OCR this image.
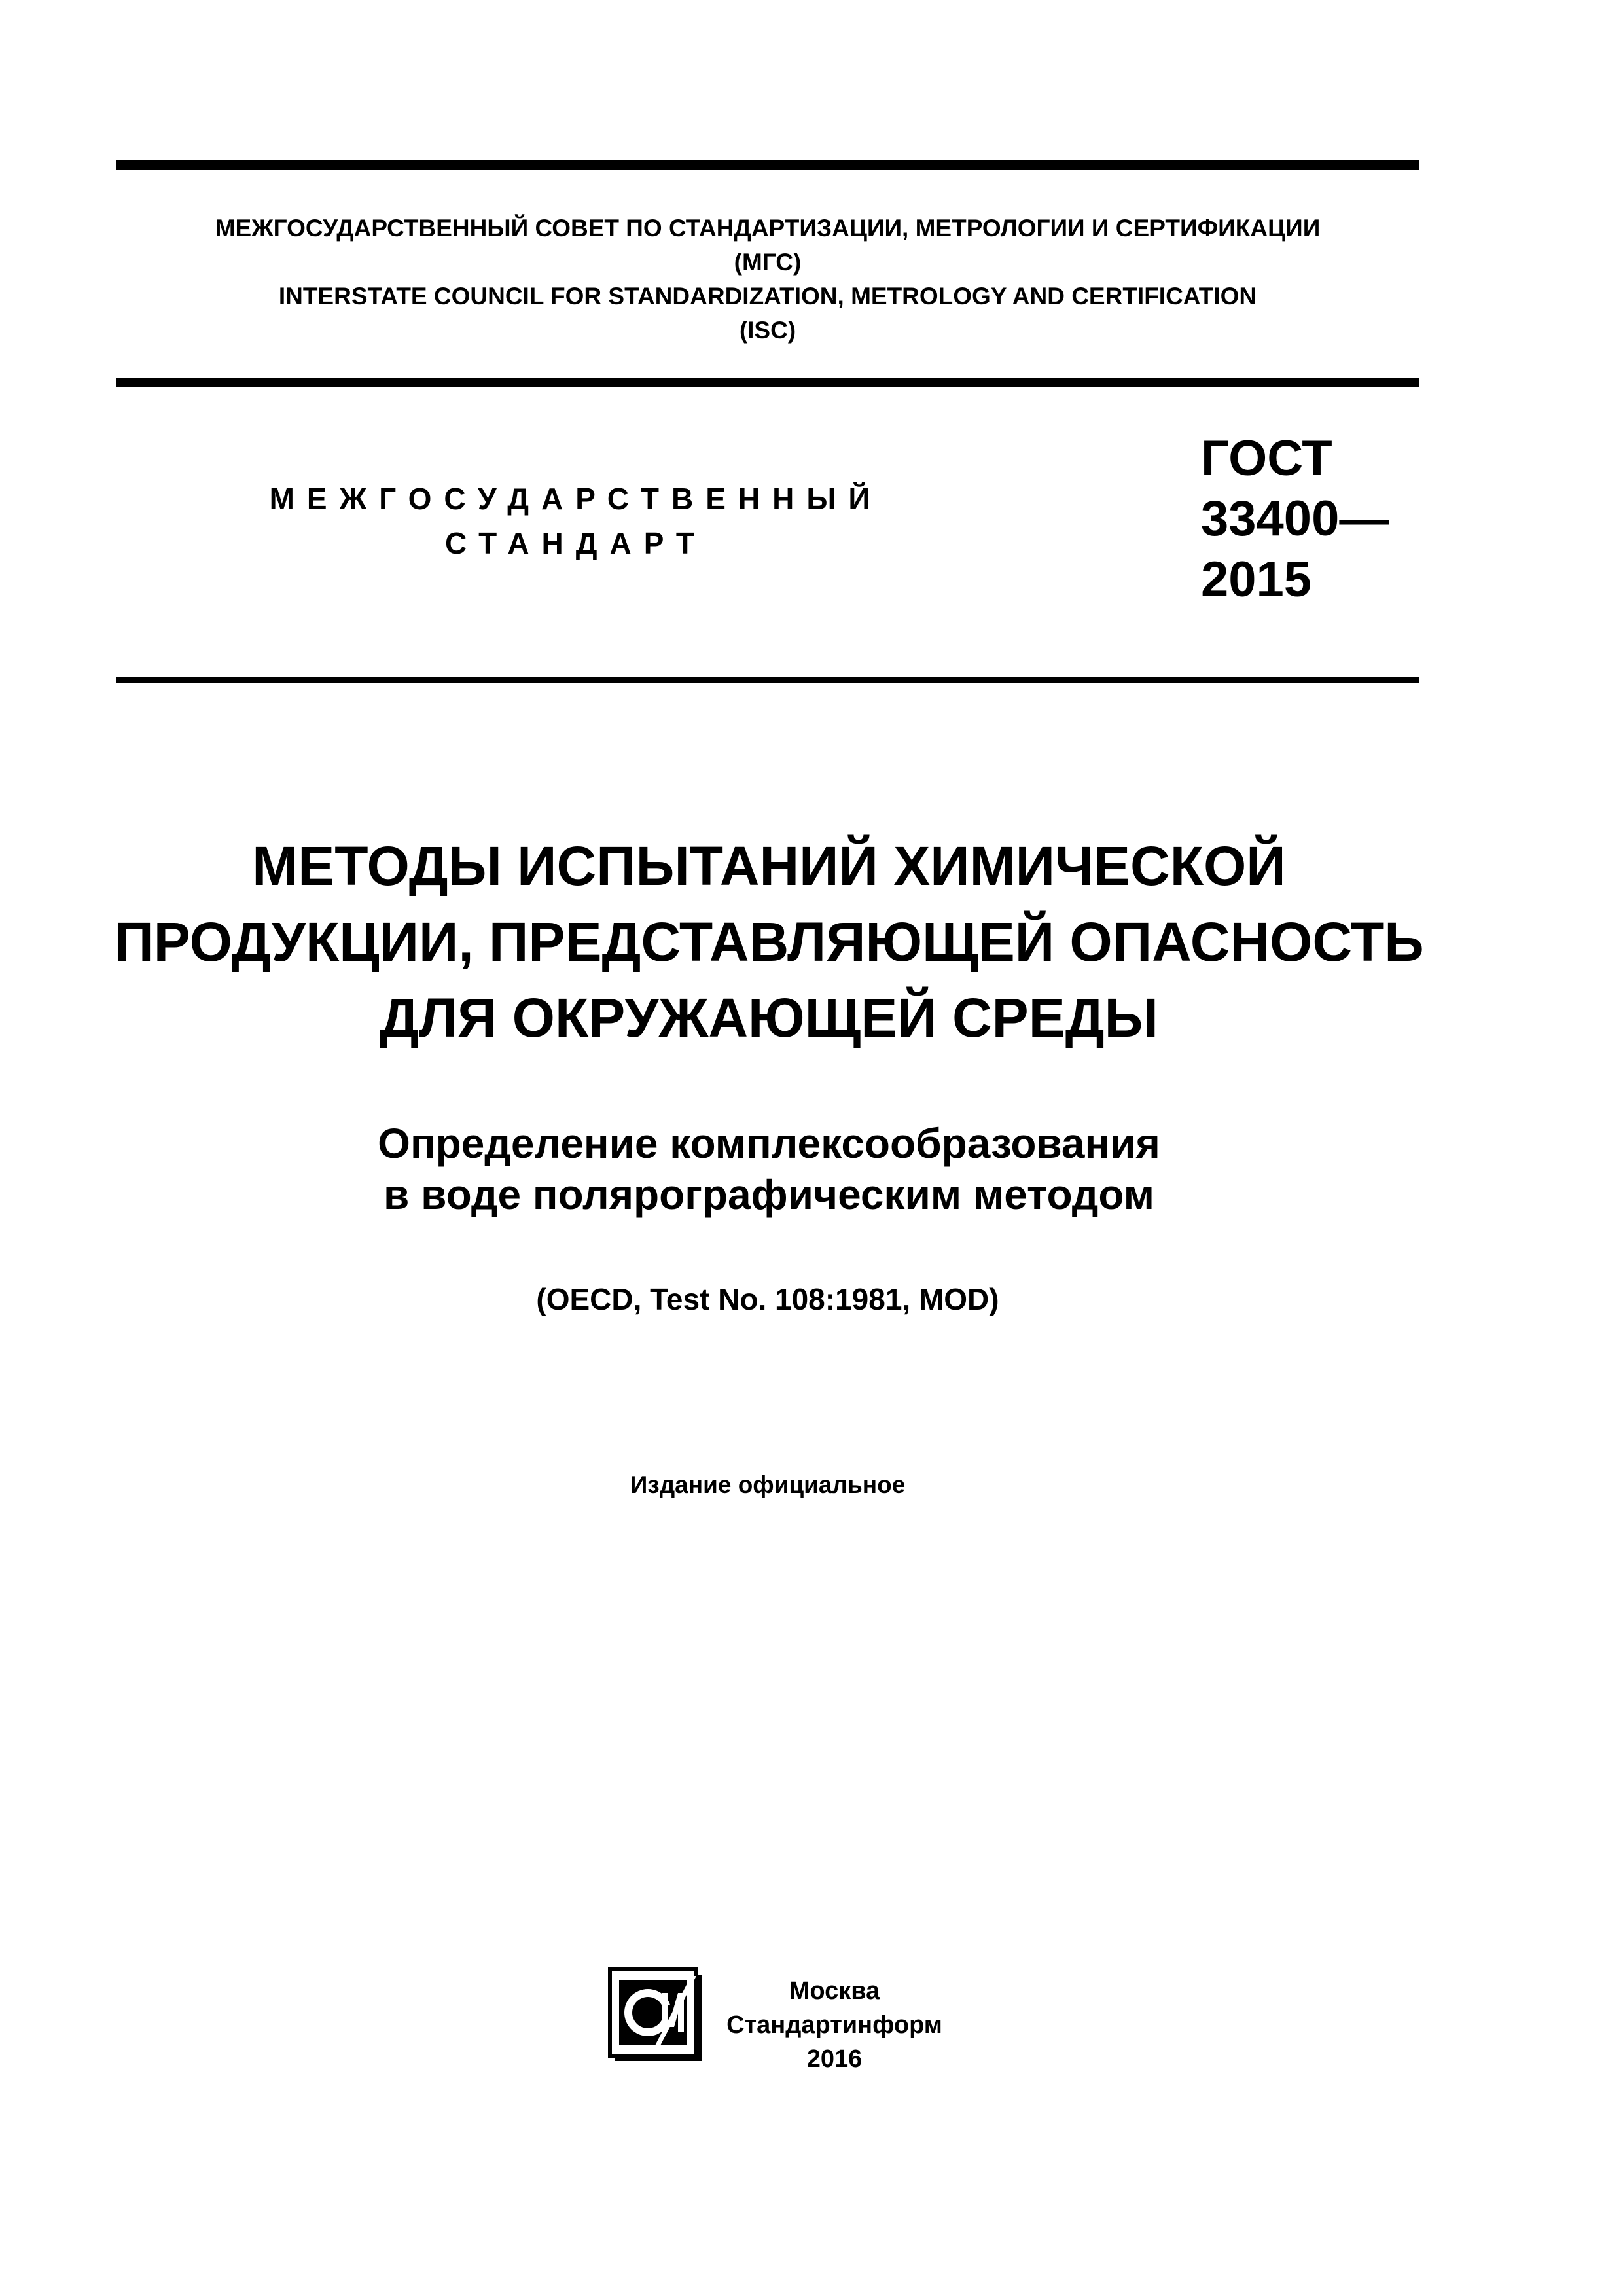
МЕЖГОСУДАРСТВЕННЫЙ СОВЕТ ПО СТАНДАРТИЗАЦИИ, МЕТРОЛОГИИ И СЕРТИФИКАЦИИ
(МГС)
INTERSTATE COUNCIL FOR STANDARDIZATION, METROLOGY AND CERTIFICATION
(ISC)
МЕЖГОСУДАРСТВЕННЫЙ
СТАНДАРТ
ГОСТ
33400—
2015
МЕТОДЫ ИСПЫТАНИЙ ХИМИЧЕСКОЙ
ПРОДУКЦИИ, ПРЕДСТАВЛЯЮЩЕЙ ОПАСНОСТЬ
ДЛЯ ОКРУЖАЮЩЕЙ СРЕДЫ
Определение комплексообразования
в воде полярографическим методом
(OECD, Test No. 108:1981, MOD)
Издание официальное
Москва
Стандартинформ
2016
